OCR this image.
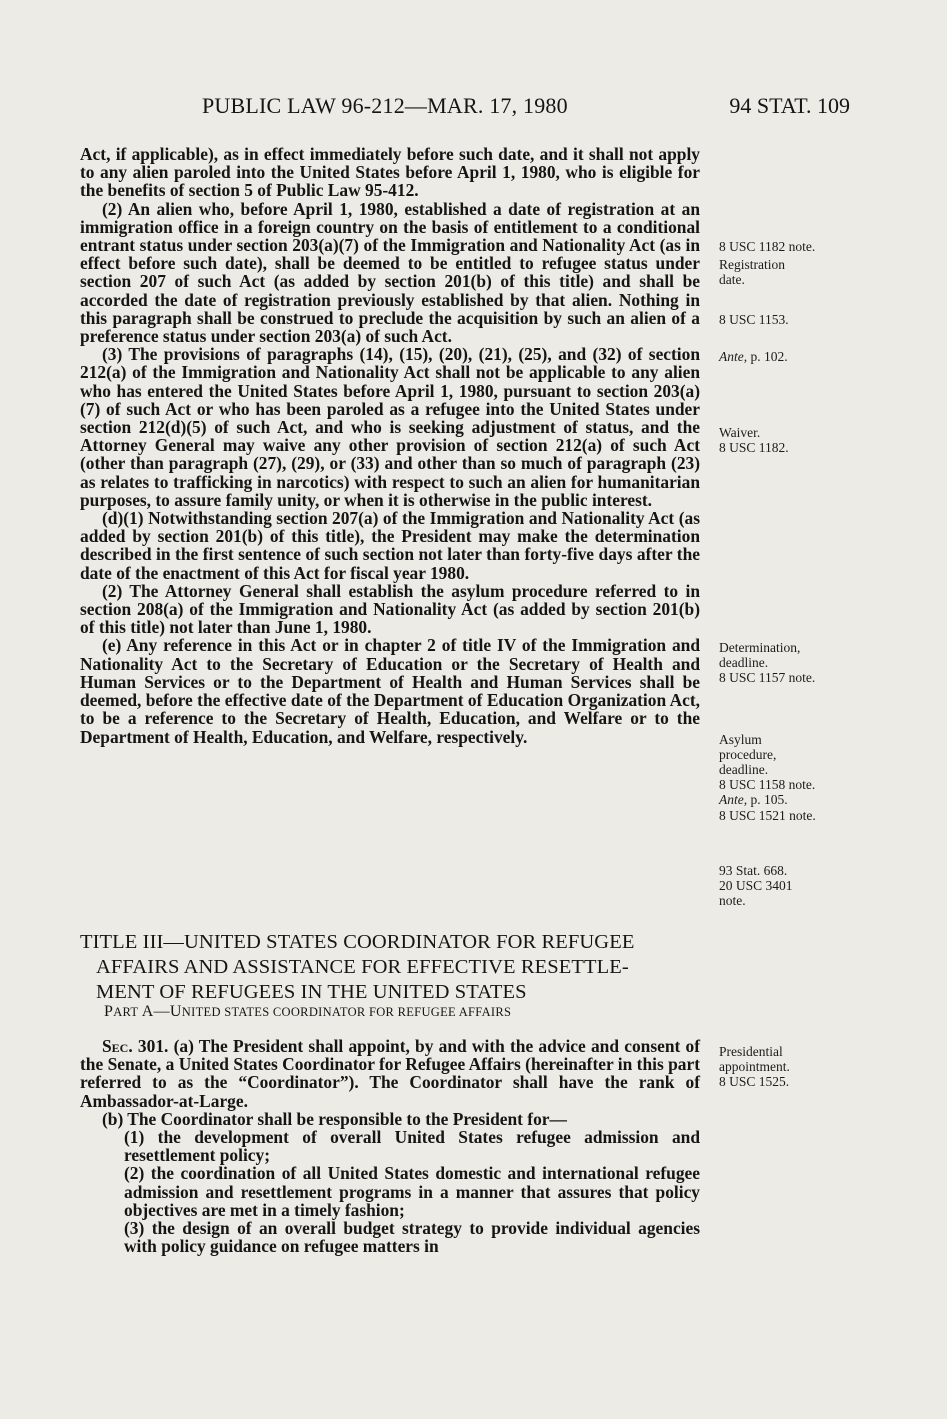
PUBLIC LAW 96-212—MAR. 17, 1980	94 STAT. 109

Act, if applicable), as in effect immediately before such date, and it shall not apply to any alien paroled into the United States before April 1, 1980, who is eligible for the benefits of section 5 of Public Law 95-412.

(2) An alien who, before April 1, 1980, established a date of registration at an immigration office in a foreign country on the basis of entitlement to a conditional entrant status under section 203(a)(7) of the Immigration and Nationality Act (as in effect before such date), shall be deemed to be entitled to refugee status under section 207 of such Act (as added by section 201(b) of this title) and shall be accorded the date of registration previously established by that alien. Nothing in this paragraph shall be construed to preclude the acquisition by such an alien of a preference status under section 203(a) of such Act.

(3) The provisions of paragraphs (14), (15), (20), (21), (25), and (32) of section 212(a) of the Immigration and Nationality Act shall not be applicable to any alien who has entered the United States before April 1, 1980, pursuant to section 203(a)(7) of such Act or who has been paroled as a refugee into the United States under section 212(d)(5) of such Act, and who is seeking adjustment of status, and the Attorney General may waive any other provision of section 212(a) of such Act (other than paragraph (27), (29), or (33) and other than so much of paragraph (23) as relates to trafficking in narcotics) with respect to such an alien for humanitarian purposes, to assure family unity, or when it is otherwise in the public interest.

(d)(1) Notwithstanding section 207(a) of the Immigration and Nationality Act (as added by section 201(b) of this title), the President may make the determination described in the first sentence of such section not later than forty-five days after the date of the enactment of this Act for fiscal year 1980.

(2) The Attorney General shall establish the asylum procedure referred to in section 208(a) of the Immigration and Nationality Act (as added by section 201(b) of this title) not later than June 1, 1980.

(e) Any reference in this Act or in chapter 2 of title IV of the Immigration and Nationality Act to the Secretary of Education or the Secretary of Health and Human Services or to the Department of Health and Human Services shall be deemed, before the effective date of the Department of Education Organization Act, to be a reference to the Secretary of Health, Education, and Welfare or to the Department of Health, Education, and Welfare, respectively.

8 USC 1182 note.
Registration
date.
8 USC 1153.
Ante, p. 102.
Waiver.
8 USC 1182.
Determination,
deadline.
8 USC 1157 note.
Asylum
procedure,
deadline.
8 USC 1158 note.
Ante, p. 105.
8 USC 1521 note.
93 Stat. 668.
20 USC 3401
note.
Presidential
appointment.
8 USC 1525.
TITLE III—UNITED STATES COORDINATOR FOR REFUGEE
AFFAIRS AND ASSISTANCE FOR EFFECTIVE RESETTLE-
MENT OF REFUGEES IN THE UNITED STATES
PART A—UNITED STATES COORDINATOR FOR REFUGEE AFFAIRS

Sec. 301. (a) The President shall appoint, by and with the advice and consent of the Senate, a United States Coordinator for Refugee Affairs (hereinafter in this part referred to as the “Coordinator”). The Coordinator shall have the rank of Ambassador-at-Large.

(b) The Coordinator shall be responsible to the President for—

(1) the development of overall United States refugee admission and resettlement policy;

(2) the coordination of all United States domestic and international refugee admission and resettlement programs in a manner that assures that policy objectives are met in a timely fashion;

(3) the design of an overall budget strategy to provide individual agencies with policy guidance on refugee matters in
